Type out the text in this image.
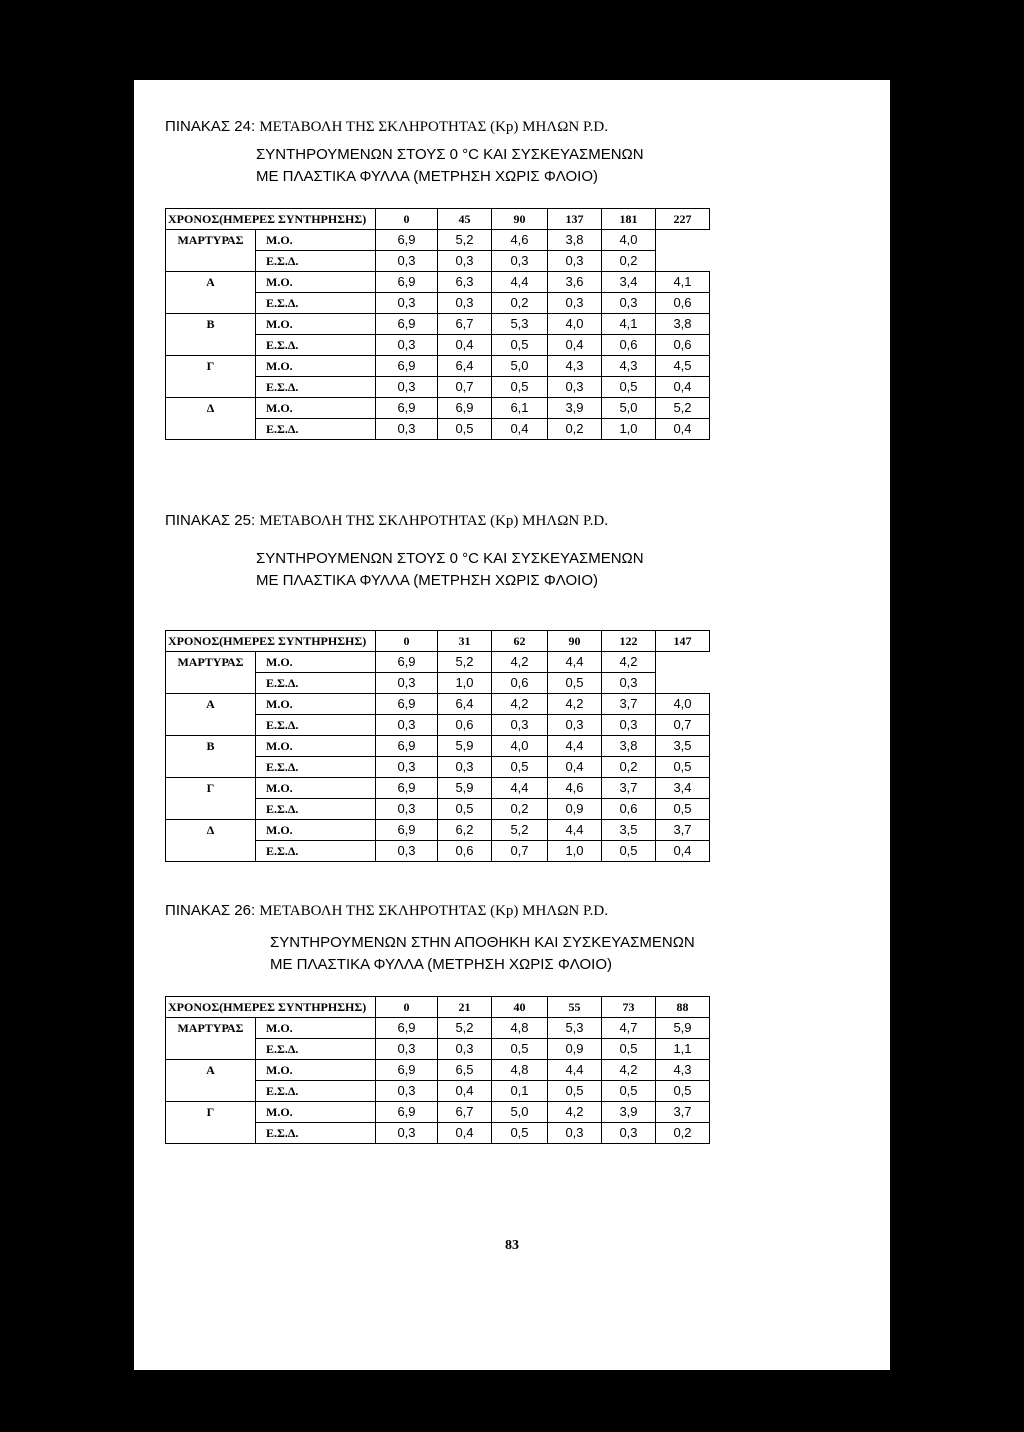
ΠΙΝΑΚΑΣ 24: ΜΕΤΑΒΟΛΗ ΤΗΣ ΣΚΛΗΡΟΤΗΤΑΣ (Kp) ΜΗΛΩΝ P.D.
ΣΥΝΤΗΡΟΥΜΕΝΩΝ ΣΤΟΥΣ 0 °C ΚΑΙ ΣΥΣΚΕΥΑΣΜΕΝΩΝ
ΜΕ ΠΛΑΣΤΙΚΑ ΦΥΛΛΑ (ΜΕΤΡΗΣΗ ΧΩΡΙΣ ΦΛΟΙΟ)
ΧΡΟΝΟΣ(ΗΜΕΡΕΣ ΣΥΝΤΗΡΗΣΗΣ)		0	45	90	137	181	227
ΜΑΡΤΥΡΑΣ	Μ.Ο.	6,9	5,2	4,6	3,8	4,0	
	Ε.Σ.Δ.	0,3	0,3	0,3	0,3	0,2	
Α	Μ.Ο.	6,9	6,3	4,4	3,6	3,4	4,1
	Ε.Σ.Δ.	0,3	0,3	0,2	0,3	0,3	0,6
Β	Μ.Ο.	6,9	6,7	5,3	4,0	4,1	3,8
	Ε.Σ.Δ.	0,3	0,4	0,5	0,4	0,6	0,6
Γ	Μ.Ο.	6,9	6,4	5,0	4,3	4,3	4,5
	Ε.Σ.Δ.	0,3	0,7	0,5	0,3	0,5	0,4
Δ	Μ.Ο.	6,9	6,9	6,1	3,9	5,0	5,2
	Ε.Σ.Δ.	0,3	0,5	0,4	0,2	1,0	0,4
ΠΙΝΑΚΑΣ 25: ΜΕΤΑΒΟΛΗ ΤΗΣ ΣΚΛΗΡΟΤΗΤΑΣ (Kp) ΜΗΛΩΝ P.D.
ΣΥΝΤΗΡΟΥΜΕΝΩΝ ΣΤΟΥΣ 0 °C ΚΑΙ ΣΥΣΚΕΥΑΣΜΕΝΩΝ
ΜΕ ΠΛΑΣΤΙΚΑ ΦΥΛΛΑ (ΜΕΤΡΗΣΗ ΧΩΡΙΣ ΦΛΟΙΟ)
ΧΡΟΝΟΣ(ΗΜΕΡΕΣ ΣΥΝΤΗΡΗΣΗΣ)		0	31	62	90	122	147
ΜΑΡΤΥΡΑΣ	Μ.Ο.	6,9	5,2	4,2	4,4	4,2	
	Ε.Σ.Δ.	0,3	1,0	0,6	0,5	0,3	
Α	Μ.Ο.	6,9	6,4	4,2	4,2	3,7	4,0
	Ε.Σ.Δ.	0,3	0,6	0,3	0,3	0,3	0,7
Β	Μ.Ο.	6,9	5,9	4,0	4,4	3,8	3,5
	Ε.Σ.Δ.	0,3	0,3	0,5	0,4	0,2	0,5
Γ	Μ.Ο.	6,9	5,9	4,4	4,6	3,7	3,4
	Ε.Σ.Δ.	0,3	0,5	0,2	0,9	0,6	0,5
Δ	Μ.Ο.	6,9	6,2	5,2	4,4	3,5	3,7
	Ε.Σ.Δ.	0,3	0,6	0,7	1,0	0,5	0,4
ΠΙΝΑΚΑΣ 26: ΜΕΤΑΒΟΛΗ ΤΗΣ ΣΚΛΗΡΟΤΗΤΑΣ (Kp) ΜΗΛΩΝ P.D.
ΣΥΝΤΗΡΟΥΜΕΝΩΝ ΣΤΗΝ ΑΠΟΘΗΚΗ ΚΑΙ ΣΥΣΚΕΥΑΣΜΕΝΩΝ
ΜΕ ΠΛΑΣΤΙΚΑ ΦΥΛΛΑ (ΜΕΤΡΗΣΗ ΧΩΡΙΣ ΦΛΟΙΟ)
ΧΡΟΝΟΣ(ΗΜΕΡΕΣ ΣΥΝΤΗΡΗΣΗΣ)		0	21	40	55	73	88
ΜΑΡΤΥΡΑΣ	Μ.Ο.	6,9	5,2	4,8	5,3	4,7	5,9
	Ε.Σ.Δ.	0,3	0,3	0,5	0,9	0,5	1,1
Α	Μ.Ο.	6,9	6,5	4,8	4,4	4,2	4,3
	Ε.Σ.Δ.	0,3	0,4	0,1	0,5	0,5	0,5
Γ	Μ.Ο.	6,9	6,7	5,0	4,2	3,9	3,7
	Ε.Σ.Δ.	0,3	0,4	0,5	0,3	0,3	0,2
83
